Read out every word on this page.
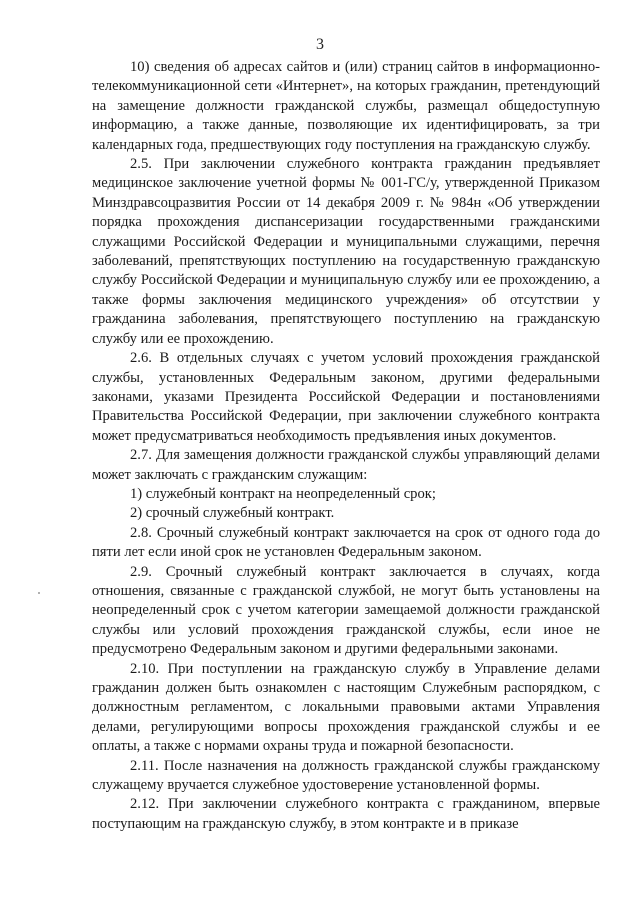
3

10) сведения об адресах сайтов и (или) страниц сайтов в информационно-телекоммуникационной сети «Интернет», на которых гражданин, претендующий на замещение должности гражданской службы, размещал общедоступную информацию, а также данные, позволяющие их идентифицировать, за три календарных года, предшествующих году поступления на гражданскую службу.

2.5. При заключении служебного контракта гражданин предъявляет медицинское заключение учетной формы № 001-ГС/у, утвержденной Приказом Минздравсоцразвития России от 14 декабря 2009 г. № 984н «Об утверждении порядка прохождения диспансеризации государственными гражданскими служащими Российской Федерации и муниципальными служащими, перечня заболеваний, препятствующих поступлению на государственную гражданскую службу Российской Федерации и муниципальную службу или ее прохождению, а также формы заключения медицинского учреждения» об отсутствии у гражданина заболевания, препятствующего поступлению на гражданскую службу или ее прохождению.

2.6. В отдельных случаях с учетом условий прохождения гражданской службы, установленных Федеральным законом, другими федеральными законами, указами Президента Российской Федерации и постановлениями Правительства Российской Федерации, при заключении служебного контракта может предусматриваться необходимость предъявления иных документов.

2.7. Для замещения должности гражданской службы управляющий делами может заключать с гражданским служащим:

1) служебный контракт на неопределенный срок;

2) срочный служебный контракт.

2.8. Срочный служебный контракт заключается на срок от одного года до пяти лет если иной срок не установлен Федеральным законом.

2.9. Срочный служебный контракт заключается в случаях, когда отношения, связанные с гражданской службой, не могут быть установлены на неопределенный срок с учетом категории замещаемой должности гражданской службы или условий прохождения гражданской службы, если иное не предусмотрено Федеральным законом и другими федеральными законами.

2.10. При поступлении на гражданскую службу в Управление делами гражданин должен быть ознакомлен с настоящим Служебным распорядком, с должностным регламентом, с локальными правовыми актами Управления делами, регулирующими вопросы прохождения гражданской службы и ее оплаты, а также с нормами охраны труда и пожарной безопасности.

2.11. После назначения на должность гражданской службы гражданскому служащему вручается служебное удостоверение установленной формы.

2.12. При заключении служебного контракта с гражданином, впервые поступающим на гражданскую службу, в этом контракте и в приказе
